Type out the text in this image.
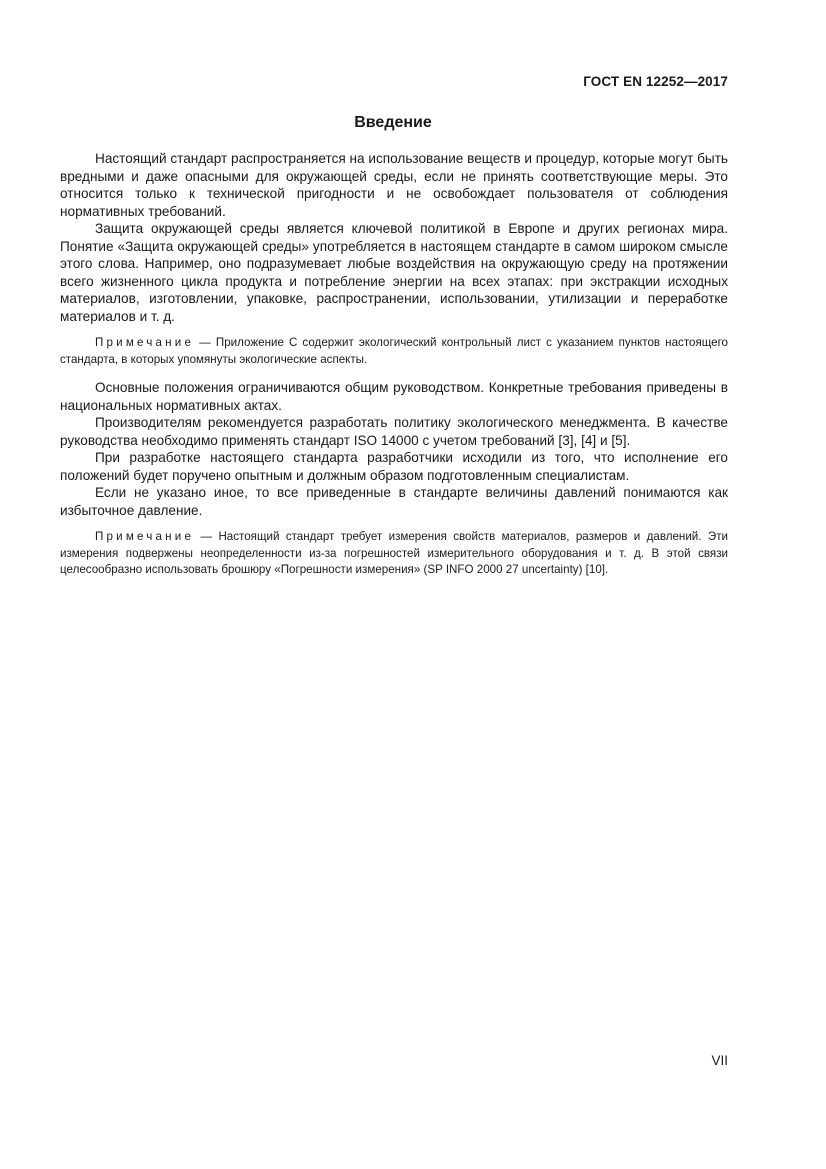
ГОСТ EN 12252—2017
Введение

Настоящий стандарт распространяется на использование веществ и процедур, которые могут быть вредными и даже опасными для окружающей среды, если не принять соответствующие меры. Это относится только к технической пригодности и не освобождает пользователя от соблюдения нормативных требований.

Защита окружающей среды является ключевой политикой в Европе и других регионах мира. Понятие «Защита окружающей среды» употребляется в настоящем стандарте в самом широком смысле этого слова. Например, оно подразумевает любые воздействия на окружающую среду на протяжении всего жизненного цикла продукта и потребление энергии на всех этапах: при экстракции исходных материалов, изготовлении, упаковке, распространении, использовании, утилизации и переработке материалов и т. д.

Примечание — Приложение С содержит экологический контрольный лист с указанием пунктов настоящего стандарта, в которых упомянуты экологические аспекты.

Основные положения ограничиваются общим руководством. Конкретные требования приведены в национальных нормативных актах.

Производителям рекомендуется разработать политику экологического менеджмента. В качестве руководства необходимо применять стандарт ISO 14000 с учетом требований [3], [4] и [5].

При разработке настоящего стандарта разработчики исходили из того, что исполнение его положений будет поручено опытным и должным образом подготовленным специалистам.

Если не указано иное, то все приведенные в стандарте величины давлений понимаются как избыточное давление.

Примечание — Настоящий стандарт требует измерения свойств материалов, размеров и давлений. Эти измерения подвержены неопределенности из-за погрешностей измерительного оборудования и т. д. В этой связи целесообразно использовать брошюру «Погрешности измерения» (SP INFO 2000 27 uncertainty) [10].

VII
